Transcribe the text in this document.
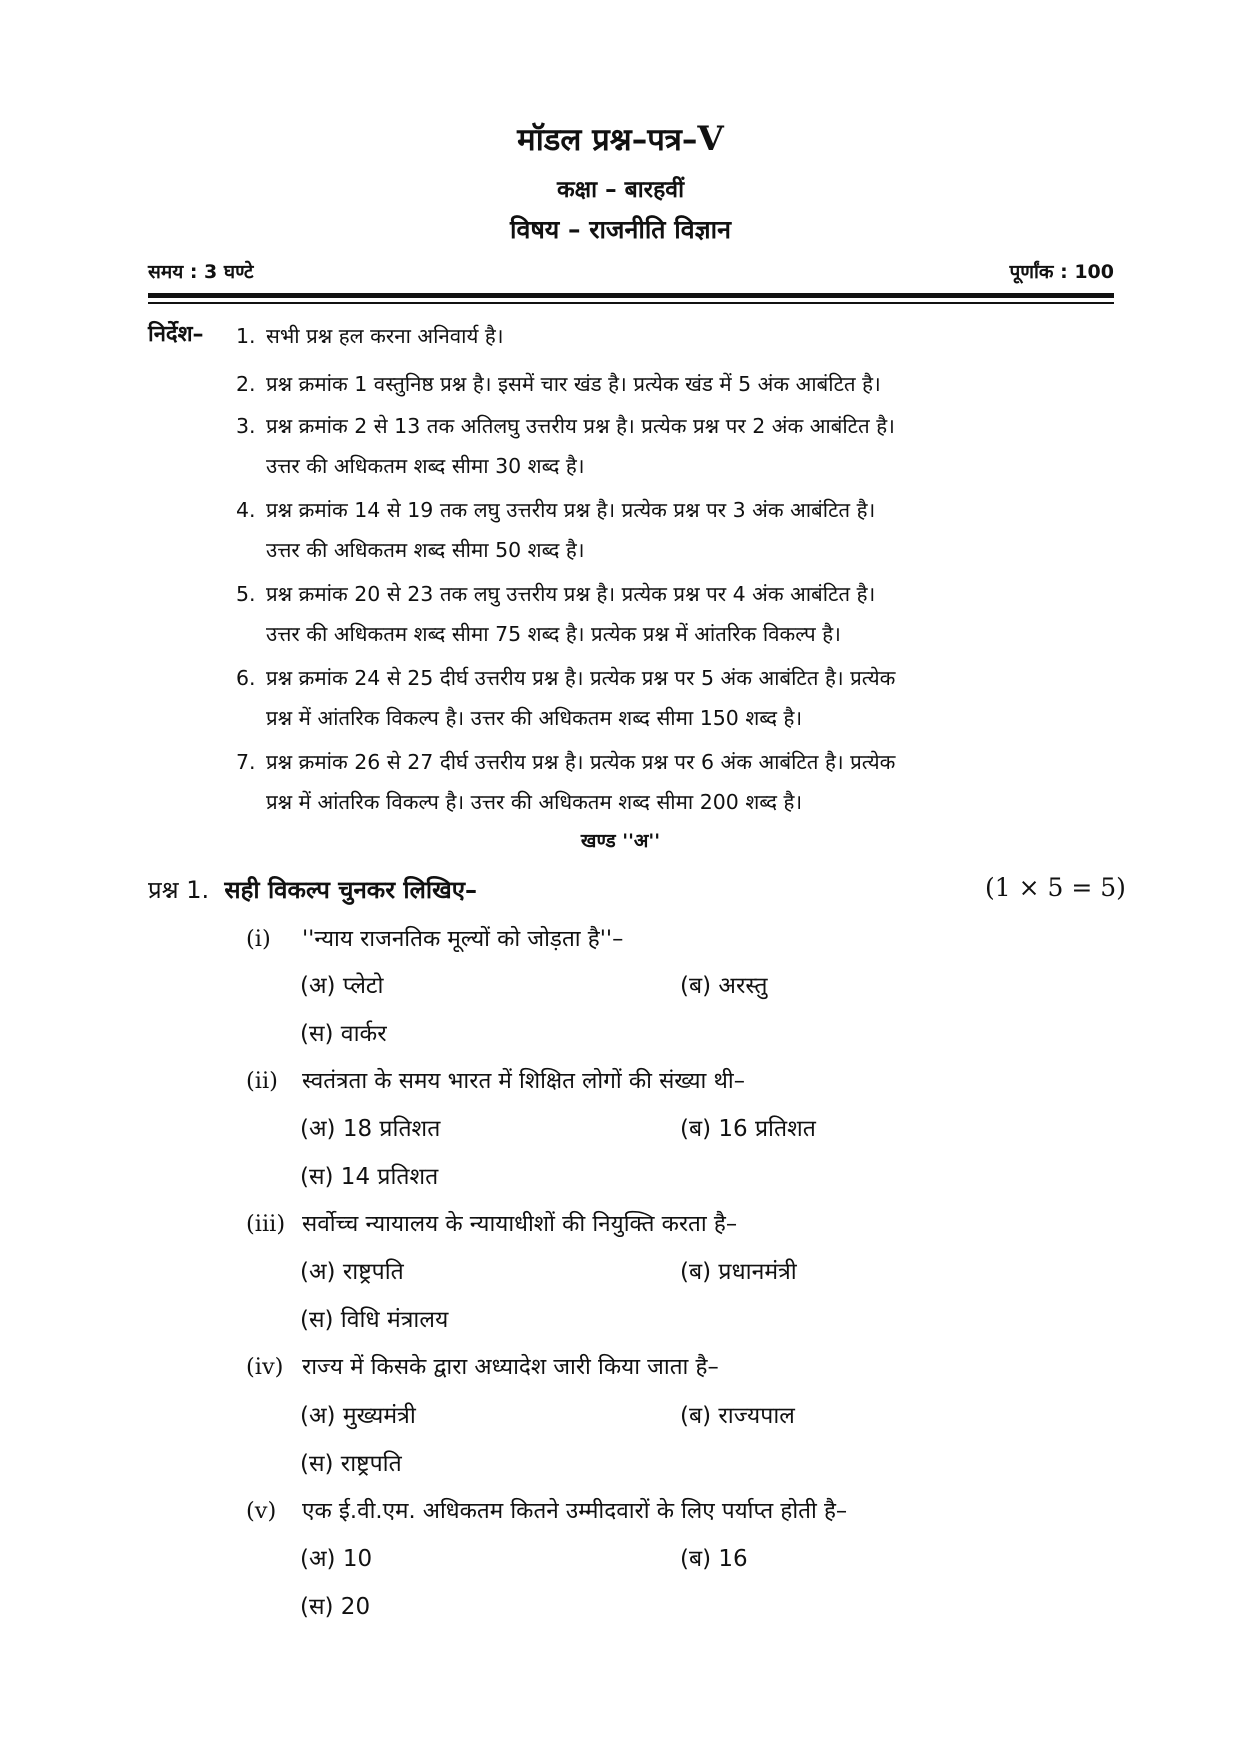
मॉडल प्रश्न–पत्र–V
कक्षा – बारहवीं
विषय – राजनीति विज्ञान
समय : 3 घण्टे	पूर्णांक : 100
निर्देश– 1. सभी प्रश्न हल करना अनिवार्य है।
2. प्रश्न क्रमांक 1 वस्तुनिष्ठ प्रश्न है। इसमें चार खंड है। प्रत्येक खंड में 5 अंक आबंटित है।
3. प्रश्न क्रमांक 2 से 13 तक अतिलघु उत्तरीय प्रश्न है। प्रत्येक प्रश्न पर 2 अंक आबंटित है।
उत्तर की अधिकतम शब्द सीमा 30 शब्द है।
4. प्रश्न क्रमांक 14 से 19 तक लघु उत्तरीय प्रश्न है। प्रत्येक प्रश्न पर 3 अंक आबंटित है।
उत्तर की अधिकतम शब्द सीमा 50 शब्द है।
5. प्रश्न क्रमांक 20 से 23 तक लघु उत्तरीय प्रश्न है। प्रत्येक प्रश्न पर 4 अंक आबंटित है।
उत्तर की अधिकतम शब्द सीमा 75 शब्द है। प्रत्येक प्रश्न में आंतरिक विकल्प है।
6. प्रश्न क्रमांक 24 से 25 दीर्घ उत्तरीय प्रश्न है। प्रत्येक प्रश्न पर 5 अंक आबंटित है। प्रत्येक
प्रश्न में आंतरिक विकल्प है। उत्तर की अधिकतम शब्द सीमा 150 शब्द है।
7. प्रश्न क्रमांक 26 से 27 दीर्घ उत्तरीय प्रश्न है। प्रत्येक प्रश्न पर 6 अंक आबंटित है। प्रत्येक
प्रश्न में आंतरिक विकल्प है। उत्तर की अधिकतम शब्द सीमा 200 शब्द है।
खण्ड ''अ''
प्रश्न 1. सही विकल्प चुनकर लिखिए–	(1 × 5 = 5)
(i) ''न्याय राजनतिक मूल्यों को जोड़ता है''–
(अ) प्लेटो	(ब) अरस्तु
(स) वार्कर
(ii) स्वतंत्रता के समय भारत में शिक्षित लोगों की संख्या थी–
(अ) 18 प्रतिशत	(ब) 16 प्रतिशत
(स) 14 प्रतिशत
(iii) सर्वोच्च न्यायालय के न्यायाधीशों की नियुक्ति करता है–
(अ) राष्ट्रपति	(ब) प्रधानमंत्री
(स) विधि मंत्रालय
(iv) राज्य में किसके द्वारा अध्यादेश जारी किया जाता है–
(अ) मुख्यमंत्री	(ब) राज्यपाल
(स) राष्ट्रपति
(v) एक ई.वी.एम. अधिकतम कितने उम्मीदवारों के लिए पर्याप्त होती है–
(अ) 10	(ब) 16
(स) 20
